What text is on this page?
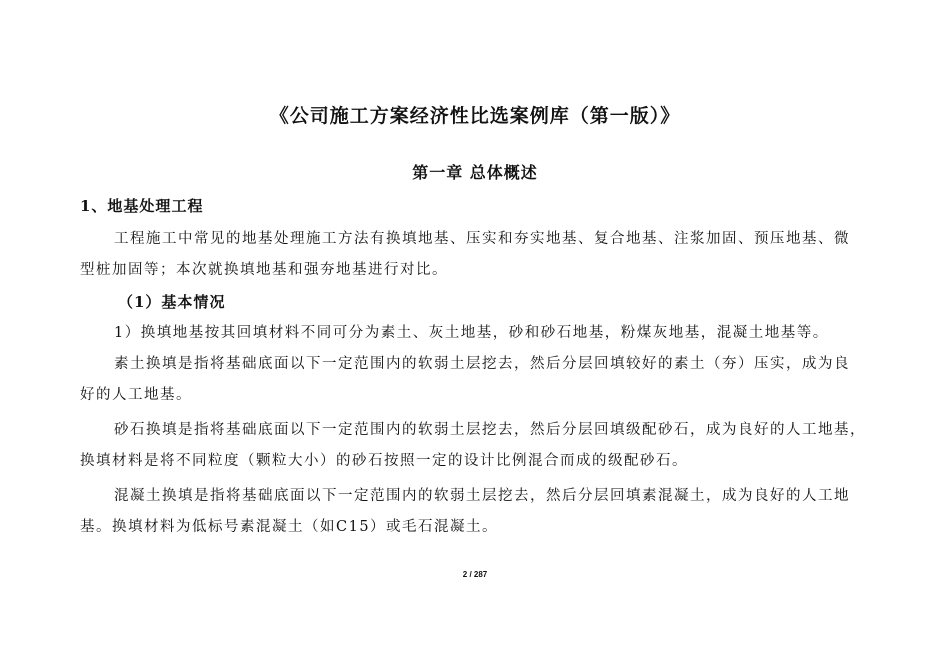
《公司施工方案经济性比选案例库（第一版）》
第一章 总体概述
1、地基处理工程
工程施工中常见的地基处理施工方法有换填地基、压实和夯实地基、复合地基、注浆加固、预压地基、微
型桩加固等；本次就换填地基和强夯地基进行对比。
（1）基本情况
1）换填地基按其回填材料不同可分为素土、灰土地基，砂和砂石地基，粉煤灰地基，混凝土地基等。
素土换填是指将基础底面以下一定范围内的软弱土层挖去，然后分层回填较好的素土（夯）压实，成为良
好的人工地基。
砂石换填是指将基础底面以下一定范围内的软弱土层挖去，然后分层回填级配砂石，成为良好的人工地基，
换填材料是将不同粒度（颗粒大小）的砂石按照一定的设计比例混合而成的级配砂石。
混凝土换填是指将基础底面以下一定范围内的软弱土层挖去，然后分层回填素混凝土，成为良好的人工地
基。换填材料为低标号素混凝土（如C15）或毛石混凝土。
2 / 287
